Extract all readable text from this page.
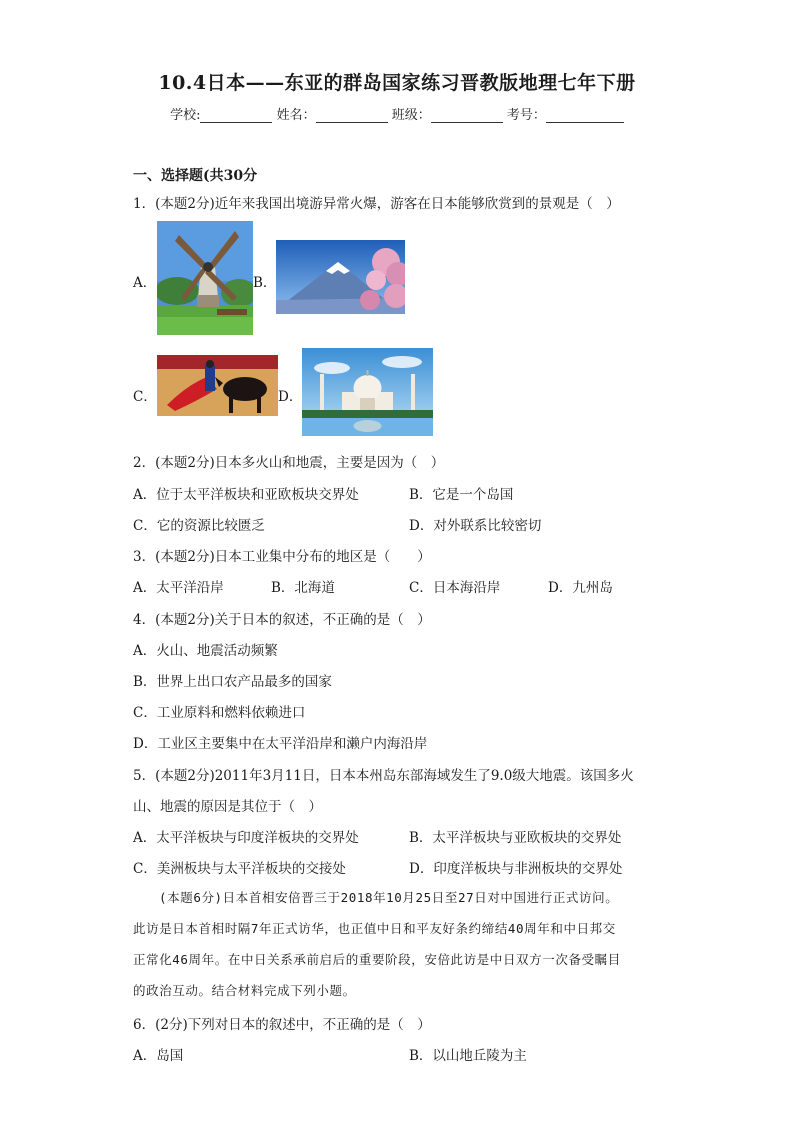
10.4日本——东亚的群岛国家练习晋教版地理七年下册
学校:	姓名：	班级：	考号：
一、选择题(共30分
1．(本题2分)近年来我国出境游异常火爆，游客在日本能够欣赏到的景观是（　）
A．	B．
C．	D．
2．(本题2分)日本多火山和地震，主要是因为（　）
A．位于太平洋板块和亚欧板块交界处	B．它是一个岛国
C．它的资源比较匮乏	D．对外联系比较密切
3．(本题2分)日本工业集中分布的地区是（　　）
A．太平洋沿岸	B．北海道	C．日本海沿岸	D．九州岛
4．(本题2分)关于日本的叙述，不正确的是（　）
A．火山、地震活动频繁
B．世界上出口农产品最多的国家
C．工业原料和燃料依赖进口
D．工业区主要集中在太平洋沿岸和濑户内海沿岸
5．(本题2分)2011年3月11日，日本本州岛东部海域发生了9.0级大地震。该国多火
山、地震的原因是其位于（　）
A．太平洋板块与印度洋板块的交界处	B．太平洋板块与亚欧板块的交界处
C．美洲板块与太平洋板块的交接处	D．印度洋板块与非洲板块的交界处
(本题6分)日本首相安倍晋三于2018年10月25日至27日对中国进行正式访问。
此访是日本首相时隔7年正式访华，也正值中日和平友好条约缔结40周年和中日邦交
正常化46周年。在中日关系承前启后的重要阶段，安倍此访是中日双方一次备受瞩目
的政治互动。结合材料完成下列小题。
6．(2分)下列对日本的叙述中，不正确的是（　）
A．岛国	B．以山地丘陵为主
